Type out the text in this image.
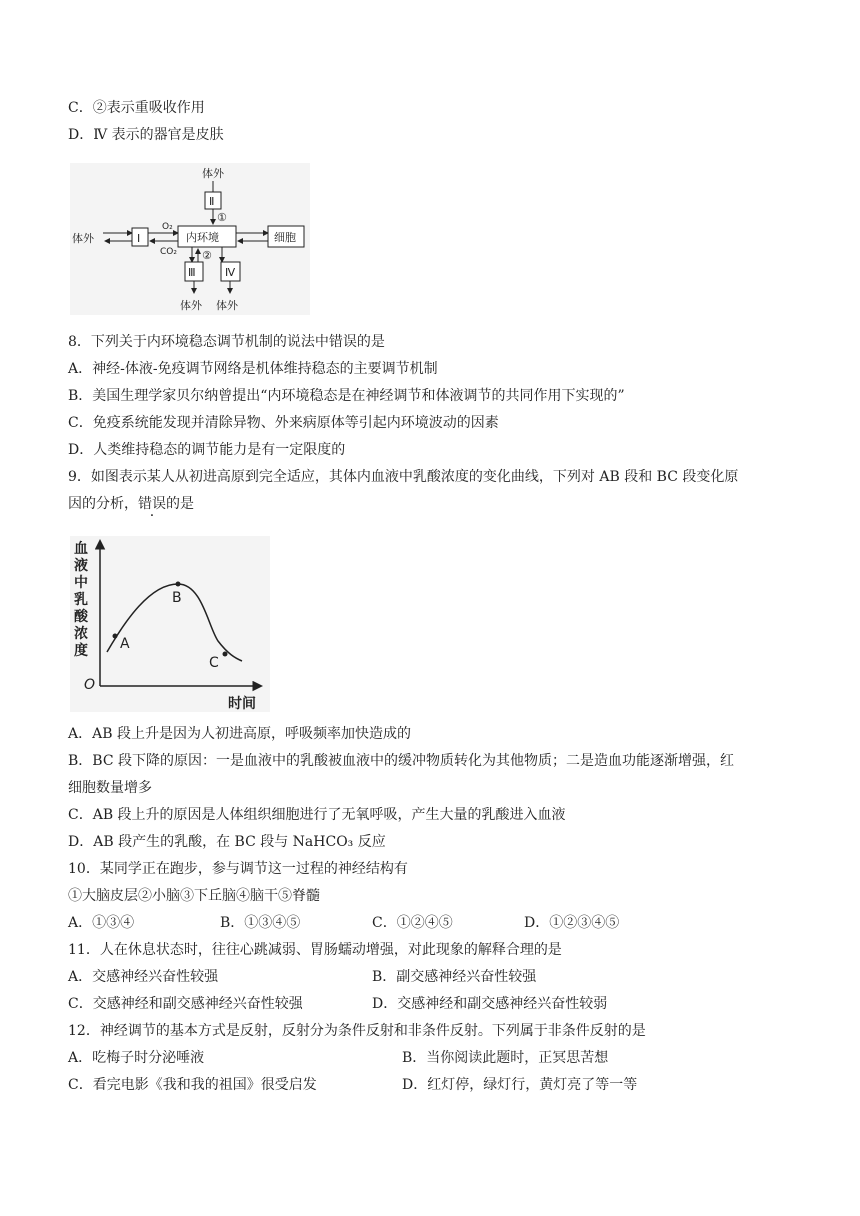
C．②表示重吸收作用
D．Ⅳ 表示的器官是皮肤
体外
Ⅱ
①
体外	Ⅰ
O₂
CO₂
内环境	细胞
②
Ⅲ	Ⅳ
体外 体外
8．下列关于内环境稳态调节机制的说法中错误的是
A．神经-体液-免疫调节网络是机体维持稳态的主要调节机制
B．美国生理学家贝尔纳曾提出“内环境稳态是在神经调节和体液调节的共同作用下实现的”
C．免疫系统能发现并清除异物、外来病原体等引起内环境波动的因素
D．人类维持稳态的调节能力是有一定限度的
9．如图表示某人从初进高原到完全适应，其体内血液中乳酸浓度的变化曲线，下列对 AB 段和 BC 段变化原
因的分析，错误的是
血
液
中
乳
酸
浓
度
O
时间
A
B
C
A．AB 段上升是因为人初进高原，呼吸频率加快造成的
B．BC 段下降的原因：一是血液中的乳酸被血液中的缓冲物质转化为其他物质；二是造血功能逐渐增强，红
细胞数量增多
C．AB 段上升的原因是人体组织细胞进行了无氧呼吸，产生大量的乳酸进入血液
D．AB 段产生的乳酸，在 BC 段与 NaHCO₃ 反应
10．某同学正在跑步，参与调节这一过程的神经结构有
①大脑皮层②小脑③下丘脑④脑干⑤脊髓
A．①③④	B．①③④⑤	C．①②④⑤	D．①②③④⑤
11．人在休息状态时，往往心跳减弱、胃肠蠕动增强，对此现象的解释合理的是
A．交感神经兴奋性较强	B．副交感神经兴奋性较强
C．交感神经和副交感神经兴奋性较强	D．交感神经和副交感神经兴奋性较弱
12．神经调节的基本方式是反射，反射分为条件反射和非条件反射。下列属于非条件反射的是
A．吃梅子时分泌唾液	B．当你阅读此题时，正冥思苦想
C．看完电影《我和我的祖国》很受启发	D．红灯停，绿灯行，黄灯亮了等一等
